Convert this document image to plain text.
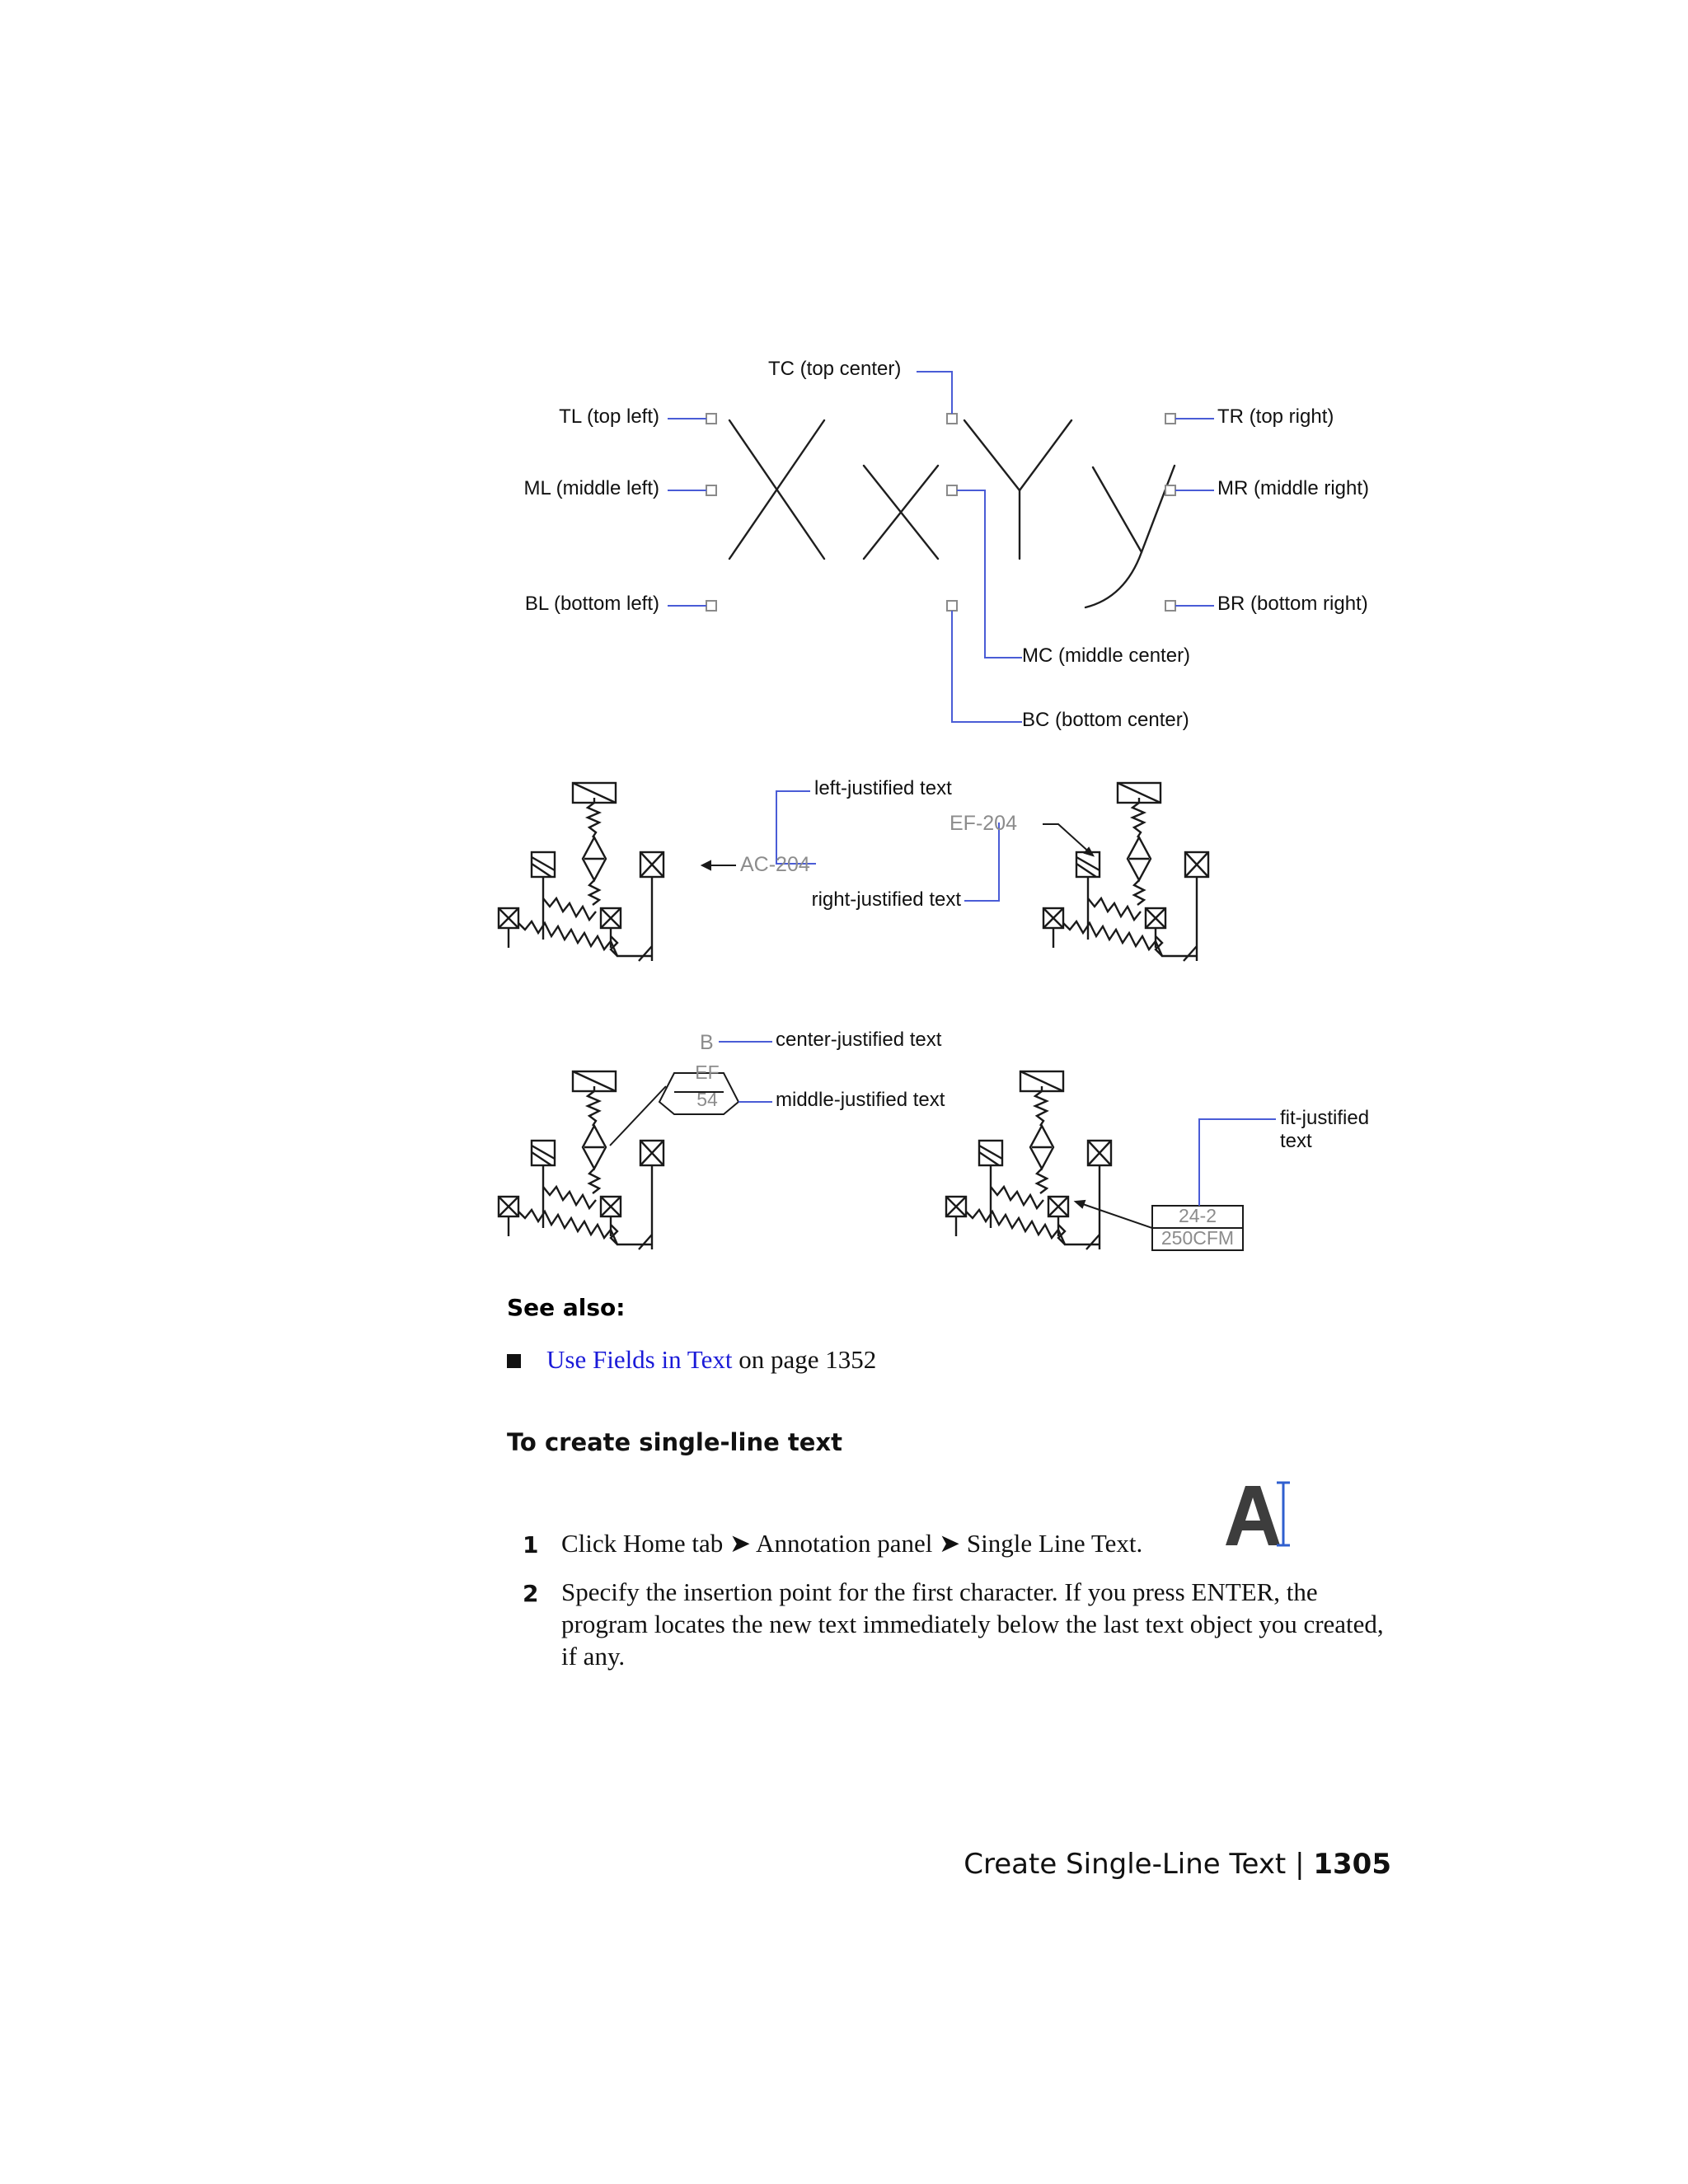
TC (top center)
TL (top left)
ML (middle left)
BL (bottom left)
TR (top right)
MR (middle right)
BR (bottom right)
MC (middle center)
BC (bottom center)
left-justified text
AC-204
right-justified text
EF-204
B	center-justified text
EF
54	middle-justified text
fit-justified
text
24-2
250CFM
See also:
Use Fields in Text on page 1352
To create single-line text
1 Click Home tab ➤ Annotation panel ➤ Single Line Text.
2 Specify the insertion point for the first character. If you press ENTER, the program locates the new text immediately below the last text object you created, if any.
Create Single-Line Text | 1305
